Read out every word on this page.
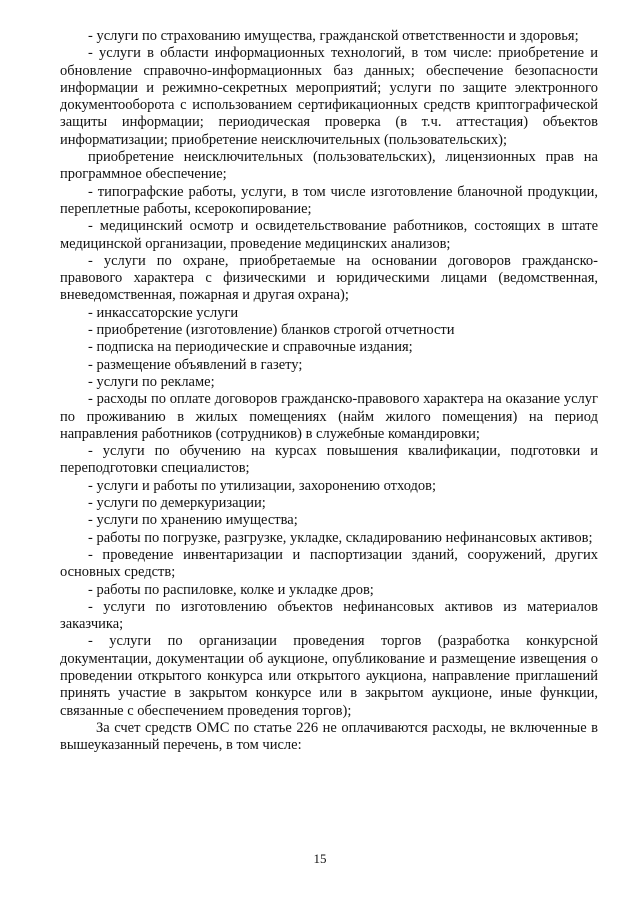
- услуги по страхованию имущества, гражданской ответственности и здоровья;

- услуги в области информационных технологий, в том числе: приобретение и обновление справочно-информационных баз данных; обеспечение безопасности информации и режимно-секретных мероприятий; услуги по защите электронного документооборота с использованием сертификационных средств криптографической защиты информации; периодическая проверка (в т.ч. аттестация) объектов информатизации; приобретение неисключительных (пользовательских);

приобретение неисключительных (пользовательских), лицензионных прав на программное обеспечение;

- типографские работы, услуги, в том числе изготовление бланочной продукции, переплетные работы, ксерокопирование;

- медицинский осмотр и освидетельствование работников, состоящих в штате медицинской организации, проведение медицинских анализов;

- услуги по охране, приобретаемые на основании договоров гражданско-правового характера с физическими и юридическими лицами (ведомственная, вневедомственная, пожарная и другая охрана);

- инкассаторские услуги

- приобретение (изготовление) бланков строгой отчетности

- подписка на периодические и справочные издания;

- размещение объявлений в газету;

- услуги по рекламе;

- расходы по оплате договоров гражданско-правового характера на оказание услуг по проживанию в жилых помещениях (найм жилого помещения) на период направления работников (сотрудников) в служебные командировки;

- услуги по обучению на курсах повышения квалификации, подготовки и переподготовки специалистов;

- услуги и работы по утилизации, захоронению отходов;

- услуги по демеркуризации;

- услуги по хранению имущества;

- работы по погрузке, разгрузке, укладке, складированию нефинансовых активов;

- проведение инвентаризации и паспортизации зданий, сооружений, других основных средств;

- работы по распиловке, колке и укладке дров;

- услуги по изготовлению объектов нефинансовых активов из материалов заказчика;

- услуги по организации проведения торгов (разработка конкурсной документации, документации об аукционе, опубликование и размещение извещения о проведении открытого конкурса или открытого аукциона, направление приглашений принять участие в закрытом конкурсе или в закрытом аукционе, иные функции, связанные с обеспечением проведения торгов);

За счет средств ОМС по статье 226 не оплачиваются расходы, не включенные в вышеуказанный перечень, в том числе:

15
